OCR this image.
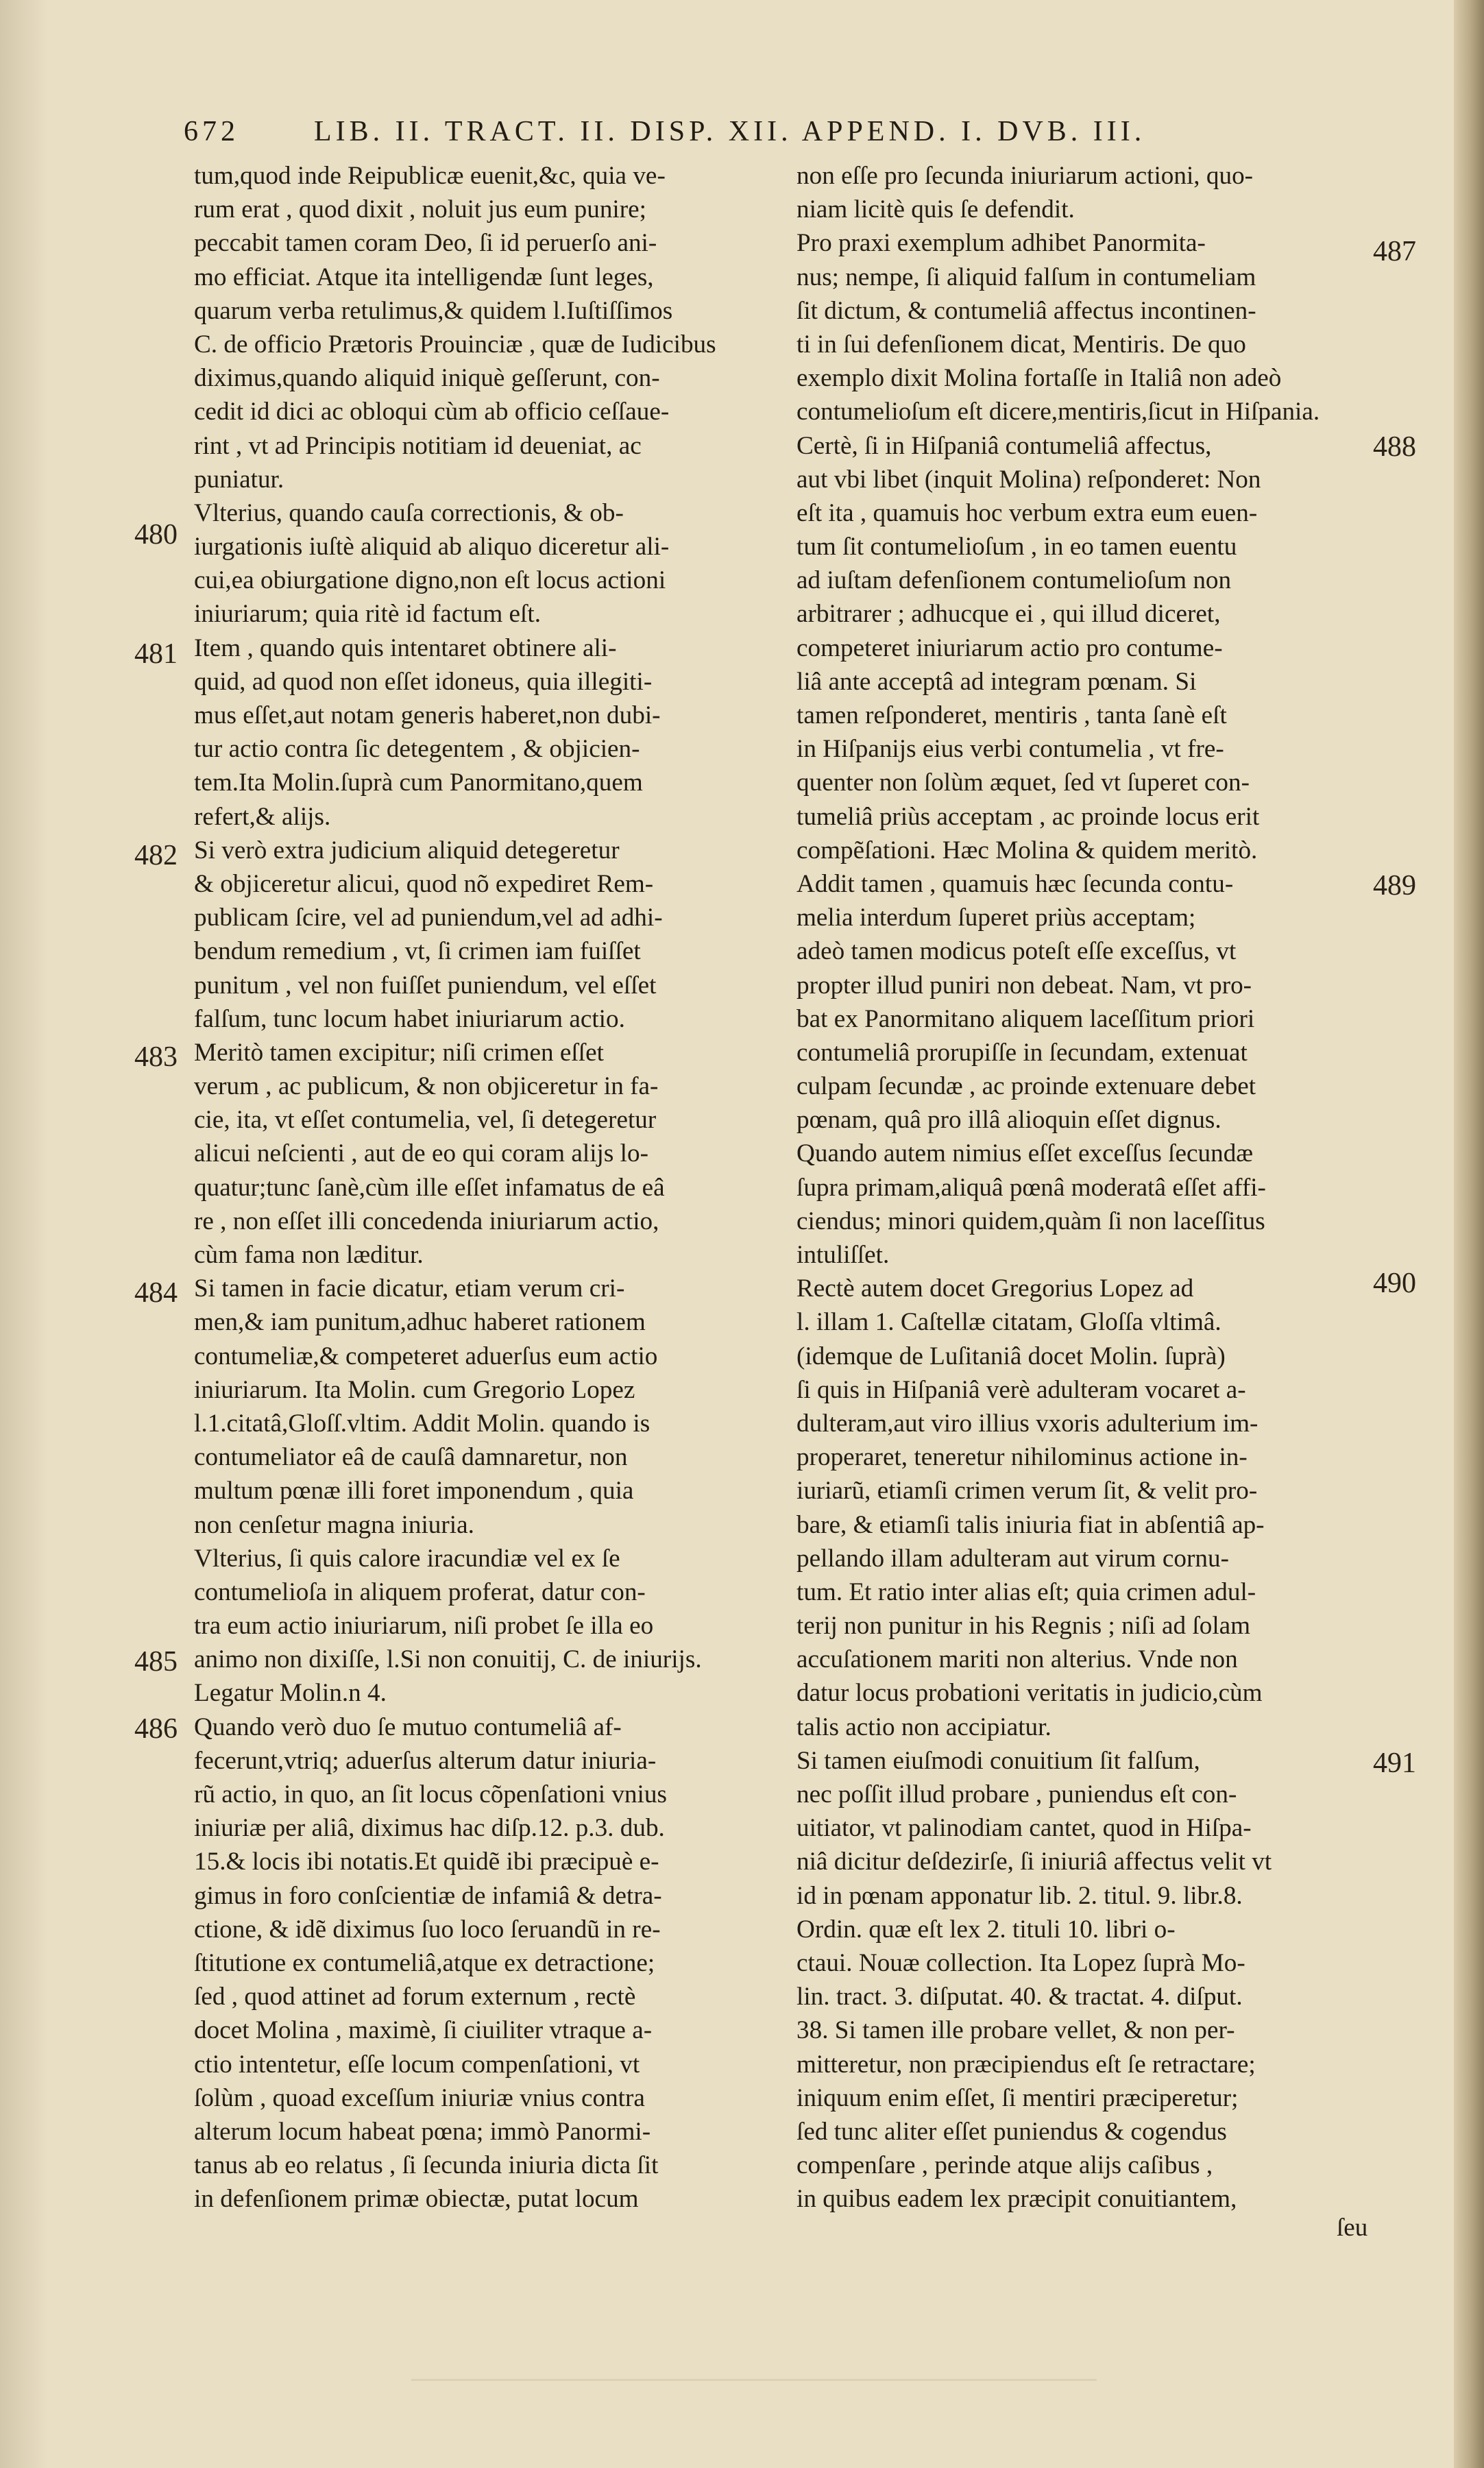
672	LIB. II. TRACT. II. DISP. XII. APPEND. I. DVB. III.
tum,quod inde Reipublicæ euenit,&c, quia ve-
rum erat , quod dixit , noluit jus eum punire;
peccabit tamen coram Deo, ſi id peruerſo ani-
mo efficiat. Atque ita intelligendæ ſunt leges,
quarum verba retulimus,& quidem l.Iuſtiſſimos
C. de officio Prætoris Prouinciæ , quæ de Iudicibus
diximus,quando aliquid iniquè geſſerunt, con-
cedit id dici ac obloqui cùm ab officio ceſſaue-
rint , vt ad Principis notitiam id deueniat, ac
puniatur.
Vlterius, quando cauſa correctionis, & ob-
iurgationis iuſtè aliquid ab aliquo diceretur ali-
cui,ea obiurgatione digno,non eſt locus actioni
iniuriarum; quia ritè id factum eſt.
Item , quando quis intentaret obtinere ali-
quid, ad quod non eſſet idoneus, quia illegiti-
mus eſſet,aut notam generis haberet,non dubi-
tur actio contra ſic detegentem , & objicien-
tem.Ita Molin.ſuprà cum Panormitano,quem
refert,& alijs.
Si verò extra judicium aliquid detegeretur
& objiceretur alicui, quod nõ expediret Rem-
publicam ſcire, vel ad puniendum,vel ad adhi-
bendum remedium , vt, ſi crimen iam fuiſſet
punitum , vel non fuiſſet puniendum, vel eſſet
falſum, tunc locum habet iniuriarum actio.
Meritò tamen excipitur; niſi crimen eſſet
verum , ac publicum, & non objiceretur in fa-
cie, ita, vt eſſet contumelia, vel, ſi detegeretur
alicui neſcienti , aut de eo qui coram alijs lo-
quatur;tunc ſanè,cùm ille eſſet infamatus de eâ
re , non eſſet illi concedenda iniuriarum actio,
cùm fama non læditur.
Si tamen in facie dicatur, etiam verum cri-
men,& iam punitum,adhuc haberet rationem
contumeliæ,& competeret aduerſus eum actio
iniuriarum. Ita Molin. cum Gregorio Lopez
l.1.citatâ,Gloſſ.vltim. Addit Molin. quando is
contumeliator eâ de cauſâ damnaretur, non
multum pœnæ illi foret imponendum , quia
non cenſetur magna iniuria.
Vlterius, ſi quis calore iracundiæ vel ex ſe
contumelioſa in aliquem proferat, datur con-
tra eum actio iniuriarum, niſi probet ſe illa eo
animo non dixiſſe, l.Si non conuitij, C. de iniurijs.
Legatur Molin.n 4.
Quando verò duo ſe mutuo contumeliâ af-
fecerunt,vtriq; aduerſus alterum datur iniuria-
rũ actio, in quo, an ſit locus cõpenſationi vnius
iniuriæ per aliâ, diximus hac diſp.12. p.3. dub.
15.& locis ibi notatis.Et quidẽ ibi præcipuè e-
gimus in foro conſcientiæ de infamiâ & detra-
ctione, & idẽ diximus ſuo loco ſeruandũ in re-
ſtitutione ex contumeliâ,atque ex detractione;
ſed , quod attinet ad forum externum , rectè
docet Molina , maximè, ſi ciuiliter vtraque a-
ctio intentetur, eſſe locum compenſationi, vt
ſolùm , quoad exceſſum iniuriæ vnius contra
alterum locum habeat pœna; immò Panormi-
tanus ab eo relatus , ſi ſecunda iniuria dicta ſit
in defenſionem primæ obiectæ, putat locum
non eſſe pro ſecunda iniuriarum actioni, quo-
niam licitè quis ſe defendit.
Pro praxi exemplum adhibet Panormita-
nus; nempe, ſi aliquid falſum in contumeliam
ſit dictum, & contumeliâ affectus incontinen-
ti in ſui defenſionem dicat, Mentiris. De quo
exemplo dixit Molina fortaſſe in Italiâ non adeò
contumelioſum eſt dicere,mentiris,ſicut in Hiſpania.
Certè, ſi in Hiſpaniâ contumeliâ affectus,
aut vbi libet (inquit Molina) reſponderet: Non
eſt ita , quamuis hoc verbum extra eum euen-
tum ſit contumelioſum , in eo tamen euentu
ad iuſtam defenſionem contumelioſum non
arbitrarer ; adhucque ei , qui illud diceret,
competeret iniuriarum actio pro contume-
liâ ante acceptâ ad integram pœnam. Si
tamen reſponderet, mentiris , tanta ſanè eſt
in Hiſpanijs eius verbi contumelia , vt fre-
quenter non ſolùm æquet, ſed vt ſuperet con-
tumeliâ priùs acceptam , ac proinde locus erit
compẽſationi. Hæc Molina & quidem meritò.
Addit tamen , quamuis hæc ſecunda contu-
melia interdum ſuperet priùs acceptam;
adeò tamen modicus poteſt eſſe exceſſus, vt
propter illud puniri non debeat. Nam, vt pro-
bat ex Panormitano aliquem laceſſitum priori
contumeliâ prorupiſſe in ſecundam, extenuat
culpam ſecundæ , ac proinde extenuare debet
pœnam, quâ pro illâ alioquin eſſet dignus.
Quando autem nimius eſſet exceſſus ſecundæ
ſupra primam,aliquâ pœnâ moderatâ eſſet affi-
ciendus; minori quidem,quàm ſi non laceſſitus
intuliſſet.
Rectè autem docet Gregorius Lopez ad
l. illam 1. Caſtellæ citatam, Gloſſa vltimâ.
(idemque de Luſitaniâ docet Molin. ſuprà)
ſi quis in Hiſpaniâ verè adulteram vocaret a-
dulteram,aut viro illius vxoris adulterium im-
properaret, teneretur nihilominus actione in-
iuriarũ, etiamſi crimen verum ſit, & velit pro-
bare, & etiamſi talis iniuria fiat in abſentiâ ap-
pellando illam adulteram aut virum cornu-
tum. Et ratio inter alias eſt; quia crimen adul-
terij non punitur in his Regnis ; niſi ad ſolam
accuſationem mariti non alterius. Vnde non
datur locus probationi veritatis in judicio,cùm
talis actio non accipiatur.
Si tamen eiuſmodi conuitium ſit falſum,
nec poſſit illud probare , puniendus eſt con-
uitiator, vt palinodiam cantet, quod in Hiſpa-
niâ dicitur deſdezirſe, ſi iniuriâ affectus velit vt
id in pœnam apponatur lib. 2. titul. 9. libr.8.
Ordin. quæ eſt lex 2. tituli 10. libri o-
ctaui. Nouæ collection. Ita Lopez ſuprà Mo-
lin. tract. 3. diſputat. 40. & tractat. 4. diſput.
38. Si tamen ille probare vellet, & non per-
mitteretur, non præcipiendus eſt ſe retractare;
iniquum enim eſſet, ſi mentiri præciperetur;
ſed tunc aliter eſſet puniendus & cogendus
compenſare , perinde atque alijs caſibus ,
in quibus eadem lex præcipit conuitiantem,
480
481
482
483
484
485
486
487
488
489
490
491
ſeu
